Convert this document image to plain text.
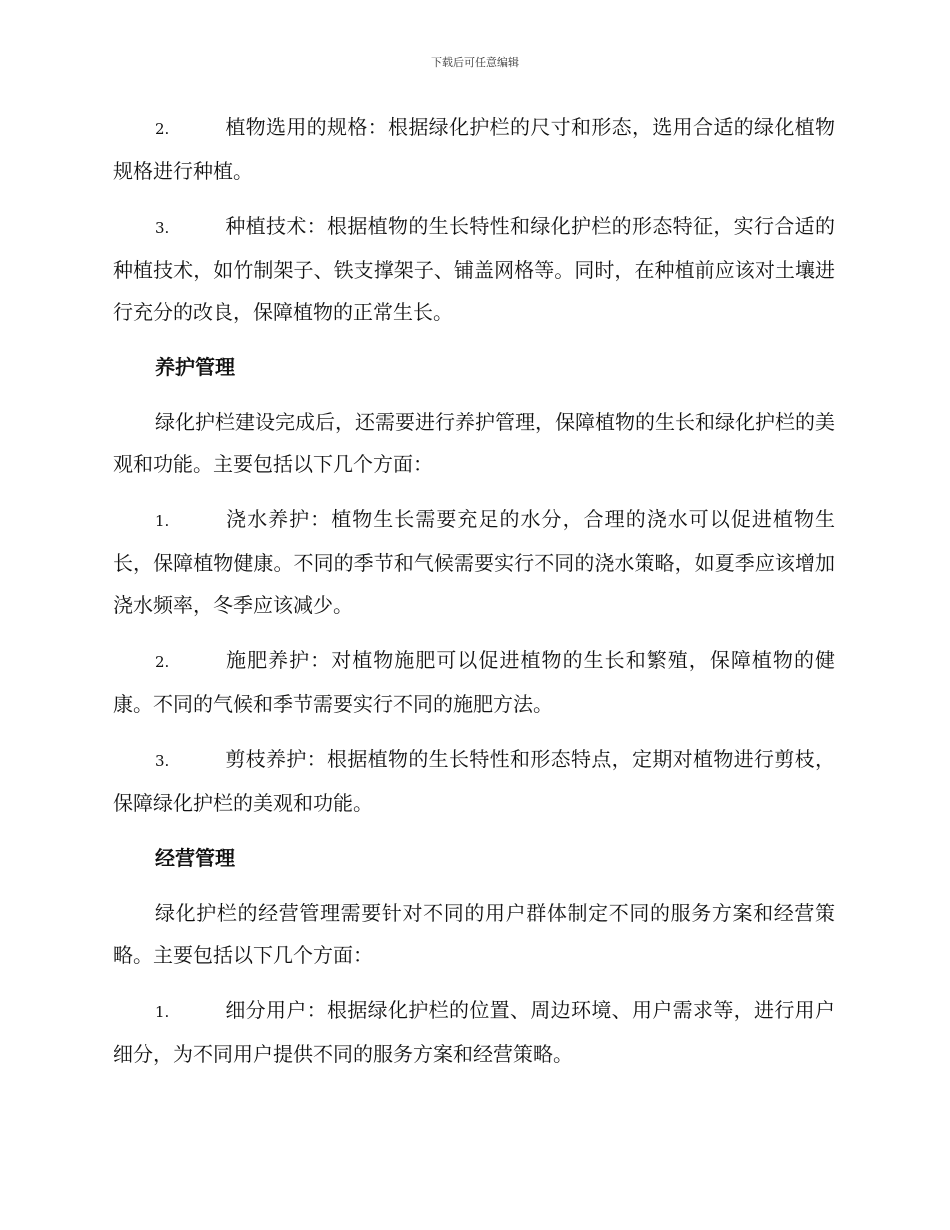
下载后可任意编辑

2.	植物选用的规格：根据绿化护栏的尺寸和形态，选用合适的绿化植物规格进行种植。

3.	种植技术：根据植物的生长特性和绿化护栏的形态特征，实行合适的种植技术，如竹制架子、铁支撑架子、铺盖网格等。同时，在种植前应该对土壤进行充分的改良，保障植物的正常生长。

养护管理

绿化护栏建设完成后，还需要进行养护管理，保障植物的生长和绿化护栏的美观和功能。主要包括以下几个方面：

1.	浇水养护：植物生长需要充足的水分，合理的浇水可以促进植物生长，保障植物健康。不同的季节和气候需要实行不同的浇水策略，如夏季应该增加浇水频率，冬季应该减少。

2.	施肥养护：对植物施肥可以促进植物的生长和繁殖，保障植物的健康。不同的气候和季节需要实行不同的施肥方法。

3.	剪枝养护：根据植物的生长特性和形态特点，定期对植物进行剪枝，保障绿化护栏的美观和功能。

经营管理

绿化护栏的经营管理需要针对不同的用户群体制定不同的服务方案和经营策略。主要包括以下几个方面：

1.	细分用户：根据绿化护栏的位置、周边环境、用户需求等，进行用户细分，为不同用户提供不同的服务方案和经营策略。
